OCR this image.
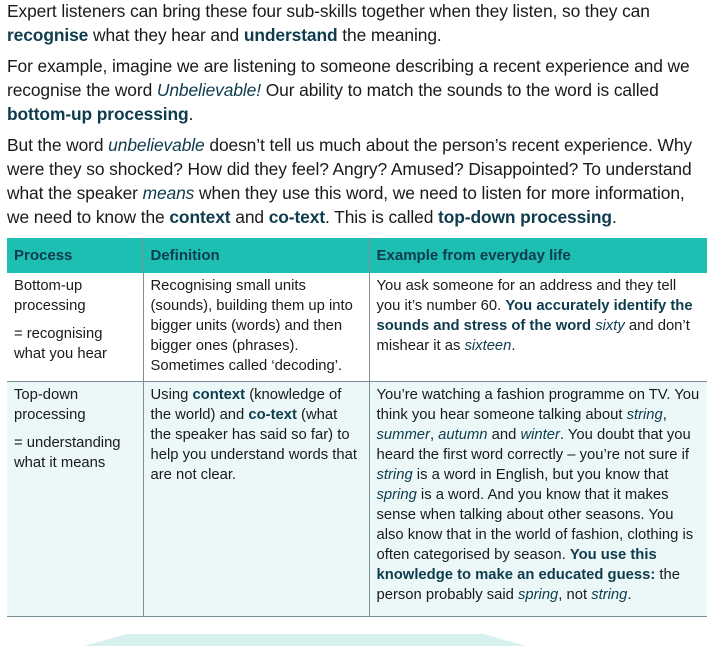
Expert listeners can bring these four sub-skills together when they listen, so they can recognise what they hear and understand the meaning.

For example, imagine we are listening to someone describing a recent experience and we recognise the word Unbelievable! Our ability to match the sounds to the word is called bottom-up processing.

But the word unbelievable doesn’t tell us much about the person’s recent experience. Why were they so shocked? How did they feel? Angry? Amused? Disappointed? To understand what the speaker means when they use this word, we need to listen for more information, we need to know the context and co-text. This is called top-down processing.

Process	Definition	Example from everyday life
Bottom-up processing
= recognising what you hear	Recognising small units (sounds), building them up into bigger units (words) and then bigger ones (phrases). Sometimes called ‘decoding’.	You ask someone for an address and they tell you it’s number 60. You accurately identify the sounds and stress of the word sixty and don’t mishear it as sixteen.
Top-down processing
= understanding what it means	Using context (knowledge of the world) and co-text (what the speaker has said so far) to help you understand words that are not clear.	You’re watching a fashion programme on TV. You think you hear someone talking about string, summer, autumn and winter. You doubt that you heard the first word correctly – you’re not sure if string is a word in English, but you know that spring is a word. And you know that it makes sense when talking about other seasons. You also know that in the world of fashion, clothing is often categorised by season. You use this knowledge to make an educated guess: the person probably said spring, not string.
